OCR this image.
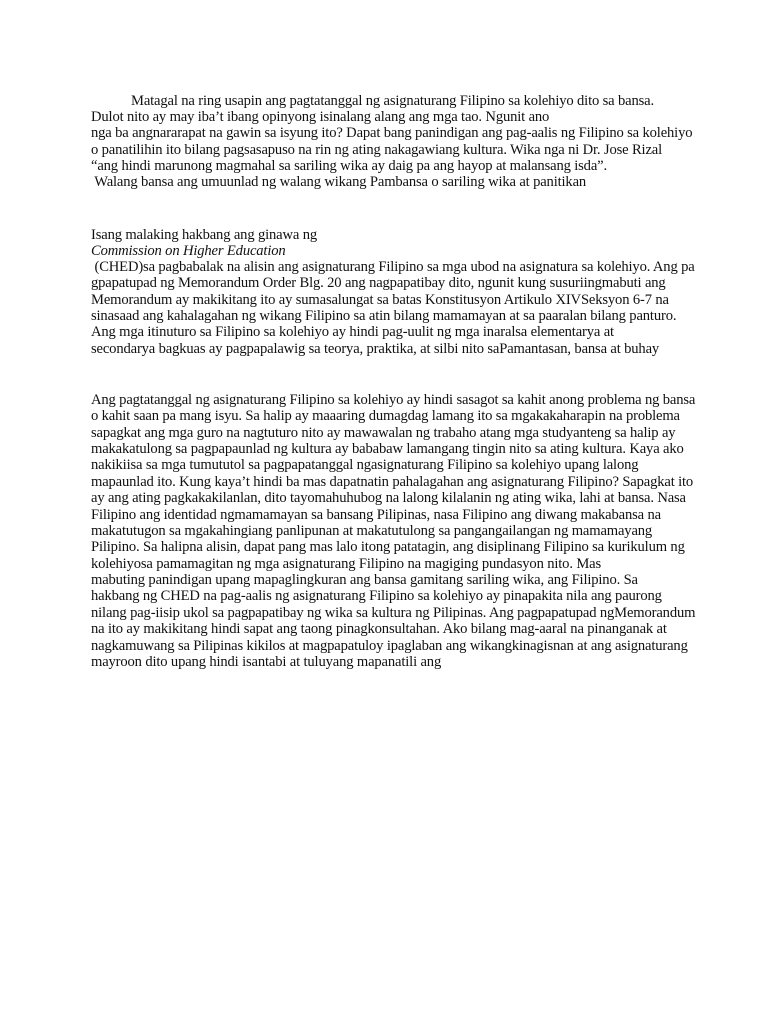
Matagal na ring usapin ang pagtatanggal ng asignaturang Filipino sa kolehiyo dito sa bansa.
Dulot nito ay may iba’t ibang opinyong isinalang alang ang mga tao. Ngunit ano
nga ba angnararapat na gawin sa isyung ito? Dapat bang panindigan ang pag-aalis ng Filipino sa kolehiyo
o panatilihin ito bilang pagsasapuso na rin ng ating nakagawiang kultura. Wika nga ni Dr. Jose Rizal
“ang hindi marunong magmahal sa sariling wika ay daig pa ang hayop at malansang isda”.
Walang bansa ang umuunlad ng walang wikang Pambansa o sariling wika at panitikan
Isang malaking hakbang ang ginawa ng
Commission on Higher Education
(CHED)sa pagbabalak na alisin ang asignaturang Filipino sa mga ubod na asignatura sa kolehiyo. Ang pa
gpapatupad ng Memorandum Order Blg. 20 ang nagpapatibay dito, ngunit kung susuriingmabuti ang
Memorandum ay makikitang ito ay sumasalungat sa batas Konstitusyon Artikulo XIVSeksyon 6-7 na
sinasaad ang kahalagahan ng wikang Filipino sa atin bilang mamamayan at sa paaralan bilang panturo.
Ang mga itinuturo sa Filipino sa kolehiyo ay hindi pag-uulit ng mga inaralsa elementarya at
secondarya bagkuas ay pagpapalawig sa teorya, praktika, at silbi nito saPamantasan, bansa at buhay
Ang pagtatanggal ng asignaturang Filipino sa kolehiyo ay hindi sasagot sa kahit anong problema ng bansa
o kahit saan pa mang isyu. Sa halip ay maaaring dumagdag lamang ito sa mgakakaharapin na problema
sapagkat ang mga guro na nagtuturo nito ay mawawalan ng trabaho atang mga studyanteng sa halip ay
makakatulong sa pagpapaunlad ng kultura ay bababaw lamangang tingin nito sa ating kultura. Kaya ako
nakikiisa sa mga tumututol sa pagpapatanggal ngasignaturang Filipino sa kolehiyo upang lalong
mapaunlad ito. Kung kaya’t hindi ba mas dapatnatin pahalagahan ang asignaturang Filipino? Sapagkat ito
ay ang ating pagkakakilanlan, dito tayomahuhubog na lalong kilalanin ng ating wika, lahi at bansa. Nasa
Filipino ang identidad ngmamamayan sa bansang Pilipinas, nasa Filipino ang diwang makabansa na
makatutugon sa mgakahingiang panlipunan at makatutulong sa pangangailangan ng mamamayang
Pilipino. Sa halipna alisin, dapat pang mas lalo itong patatagin, ang disiplinang Filipino sa kurikulum ng
kolehiyosa pamamagitan ng mga asignaturang Filipino na magiging pundasyon nito. Mas
mabuting panindigan upang mapaglingkuran ang bansa gamitang sariling wika, ang Filipino. Sa
hakbang ng CHED na pag-aalis ng asignaturang Filipino sa kolehiyo ay pinapakita nila ang paurong
nilang pag-iisip ukol sa pagpapatibay ng wika sa kultura ng Pilipinas. Ang pagpapatupad ngMemorandum
na ito ay makikitang hindi sapat ang taong pinagkonsultahan. Ako bilang mag-aaral na pinanganak at
nagkamuwang sa Pilipinas kikilos at magpapatuloy ipaglaban ang wikangkinagisnan at ang asignaturang
mayroon dito upang hindi isantabi at tuluyang mapanatili ang
